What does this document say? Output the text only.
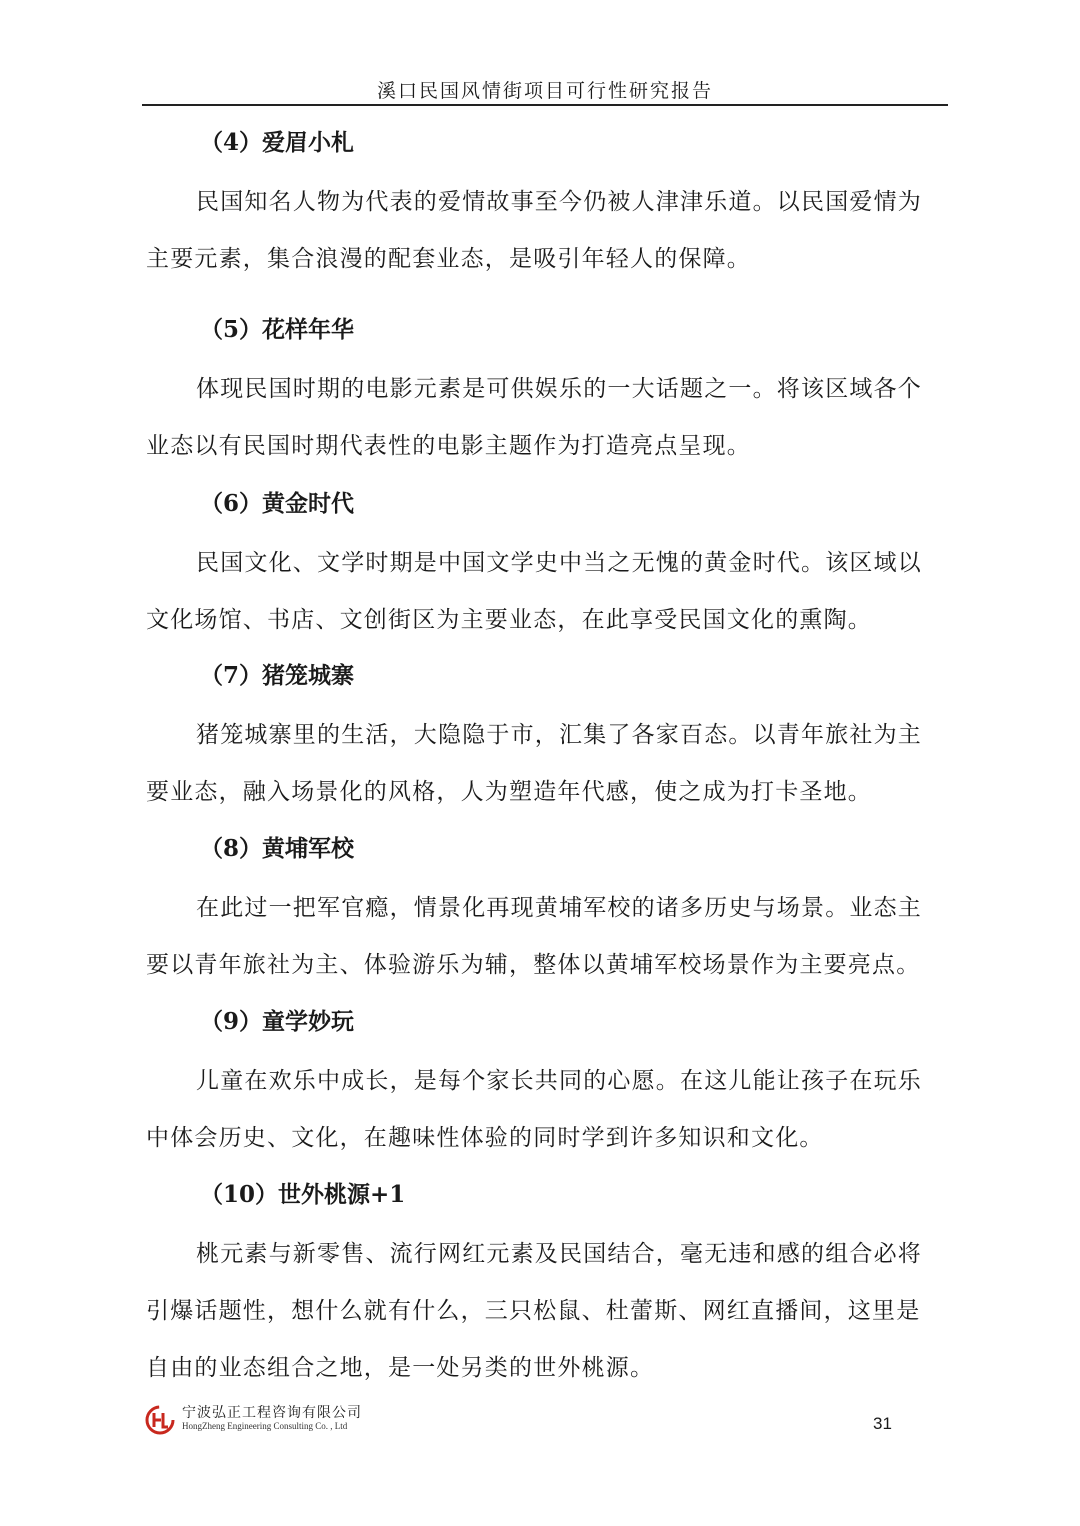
溪口民国风情街项目可行性研究报告
（4）爱眉小札
民国知名人物为代表的爱情故事至今仍被人津津乐道。以民国爱情为
主要元素，集合浪漫的配套业态，是吸引年轻人的保障。
（5）花样年华
体现民国时期的电影元素是可供娱乐的一大话题之一。将该区域各个
业态以有民国时期代表性的电影主题作为打造亮点呈现。
（6）黄金时代
民国文化、文学时期是中国文学史中当之无愧的黄金时代。该区域以
文化场馆、书店、文创街区为主要业态，在此享受民国文化的熏陶。
（7）猪笼城寨
猪笼城寨里的生活，大隐隐于市，汇集了各家百态。以青年旅社为主
要业态，融入场景化的风格，人为塑造年代感，使之成为打卡圣地。
（8）黄埔军校
在此过一把军官瘾，情景化再现黄埔军校的诸多历史与场景。业态主
要以青年旅社为主、体验游乐为辅，整体以黄埔军校场景作为主要亮点。
（9）童学妙玩
儿童在欢乐中成长，是每个家长共同的心愿。在这儿能让孩子在玩乐
中体会历史、文化，在趣味性体验的同时学到许多知识和文化。
（10）世外桃源+1
桃元素与新零售、流行网红元素及民国结合，毫无违和感的组合必将
引爆话题性，想什么就有什么，三只松鼠、杜蕾斯、网红直播间，这里是
自由的业态组合之地，是一处另类的世外桃源。
宁波弘正工程咨询有限公司
HongZheng Engineering Consulting Co. , Ltd	31
